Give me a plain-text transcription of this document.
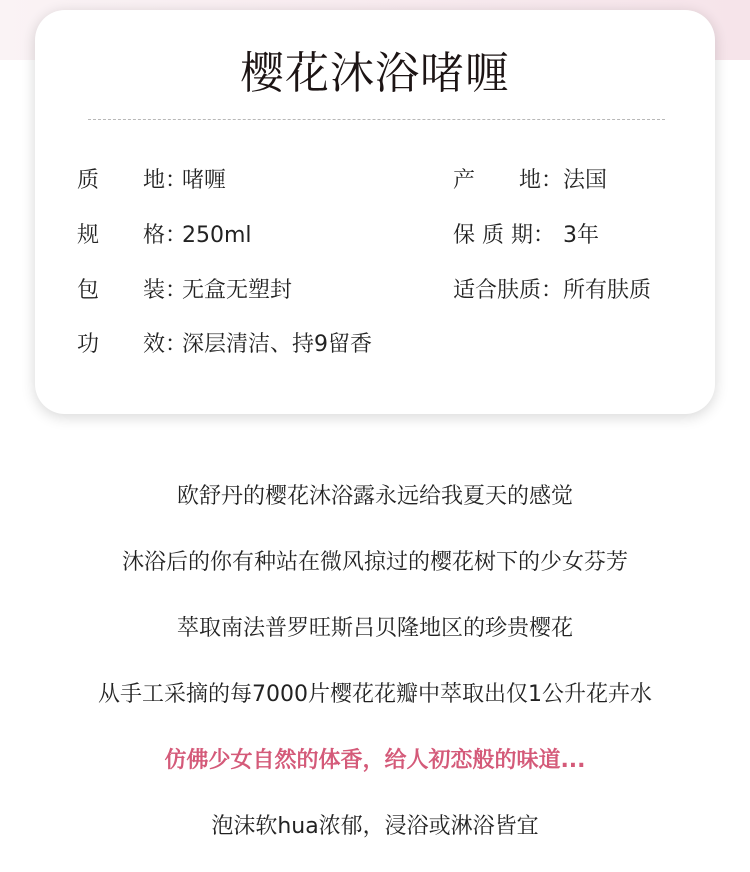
樱花沐浴啫喱
质　　地：啫喱
规　　格：250ml
包　　装：无盒无塑封
功　　效：深层清洁、持9留香
产　　地：法国
保 质 期： 3年
适合肤质：所有肤质
欧舒丹的樱花沐浴露永远给我夏天的感觉
沐浴后的你有种站在微风掠过的樱花树下的少女芬芳
萃取南法普罗旺斯吕贝隆地区的珍贵樱花
从手工采摘的每7000片樱花花瓣中萃取出仅1公升花卉水
仿佛少女自然的体香，给人初恋般的味道...
泡沫软hua浓郁，浸浴或淋浴皆宜
